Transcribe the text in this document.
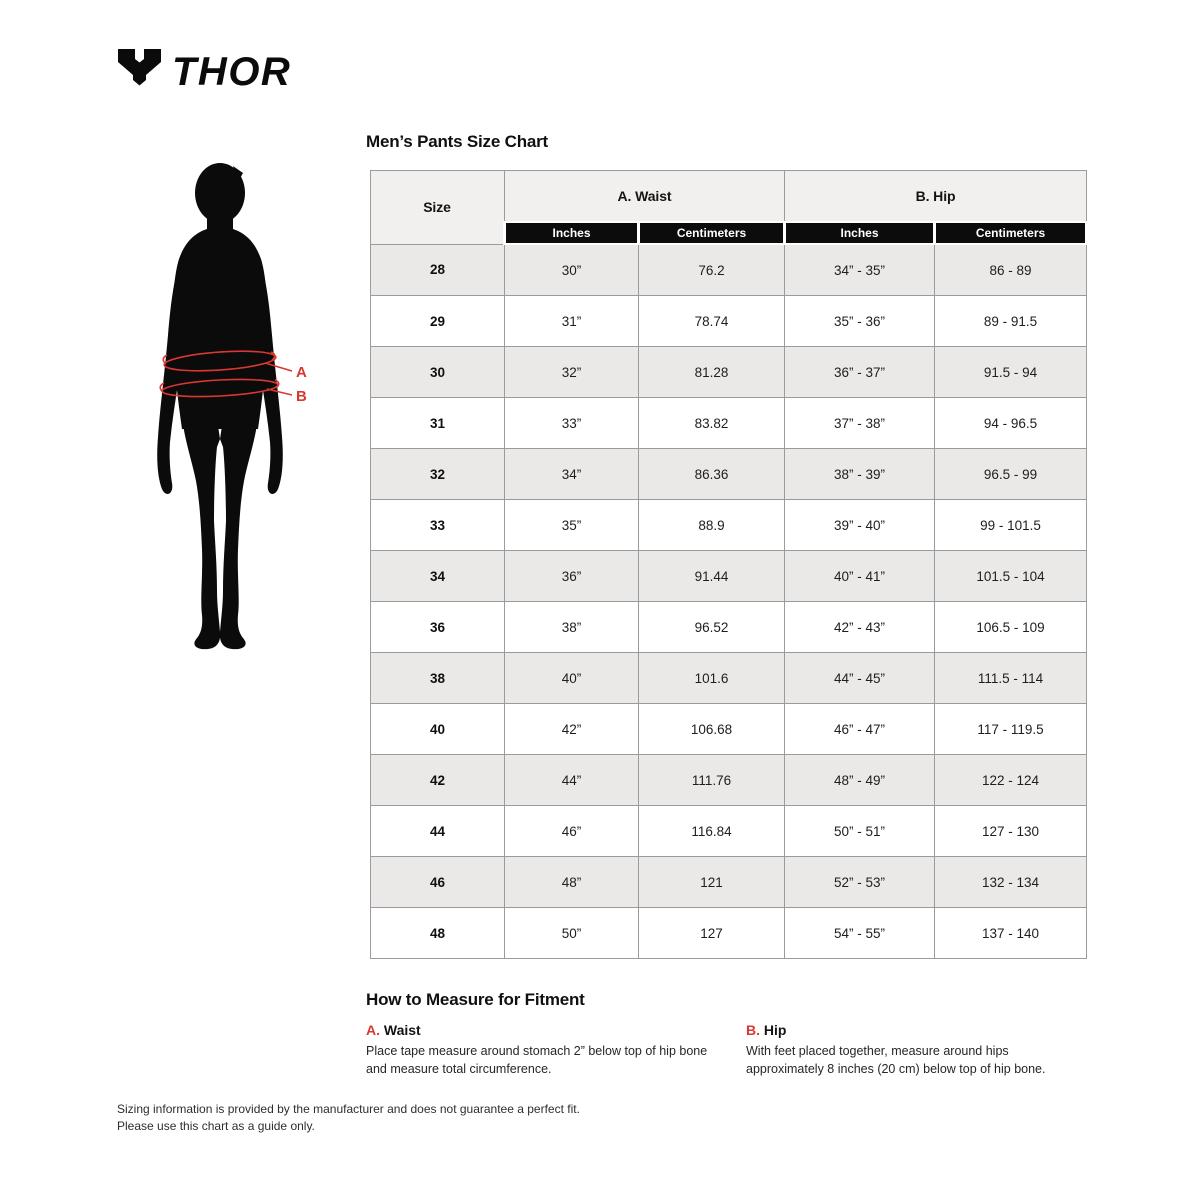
THOR
Men’s Pants Size Chart
A
B
Size	A. Waist		B. Hip	
	Inches	Centimeters	Inches	Centimeters
28	30”	76.2	34” - 35”	86 - 89
29	31”	78.74	35” - 36”	89 - 91.5
30	32”	81.28	36” - 37”	91.5 - 94
31	33”	83.82	37” - 38”	94 - 96.5
32	34”	86.36	38” - 39”	96.5 - 99
33	35”	88.9	39” - 40”	99 - 101.5
34	36”	91.44	40” - 41”	101.5 - 104
36	38”	96.52	42” - 43”	106.5 - 109
38	40”	101.6	44” - 45”	111.5 - 114
40	42”	106.68	46” - 47”	117 - 119.5
42	44”	111.76	48” - 49”	122 - 124
44	46”	116.84	50” - 51”	127 - 130
46	48”	121	52” - 53”	132 - 134
48	50”	127	54” - 55”	137 - 140
How to Measure for Fitment
A. Waist
Place tape measure around stomach 2” below top of hip bone and measure total circumference.
B. Hip
With feet placed together, measure around hips approximately 8 inches (20 cm) below top of hip bone.
Sizing information is provided by the manufacturer and does not guarantee a perfect fit.
Please use this chart as a guide only.
